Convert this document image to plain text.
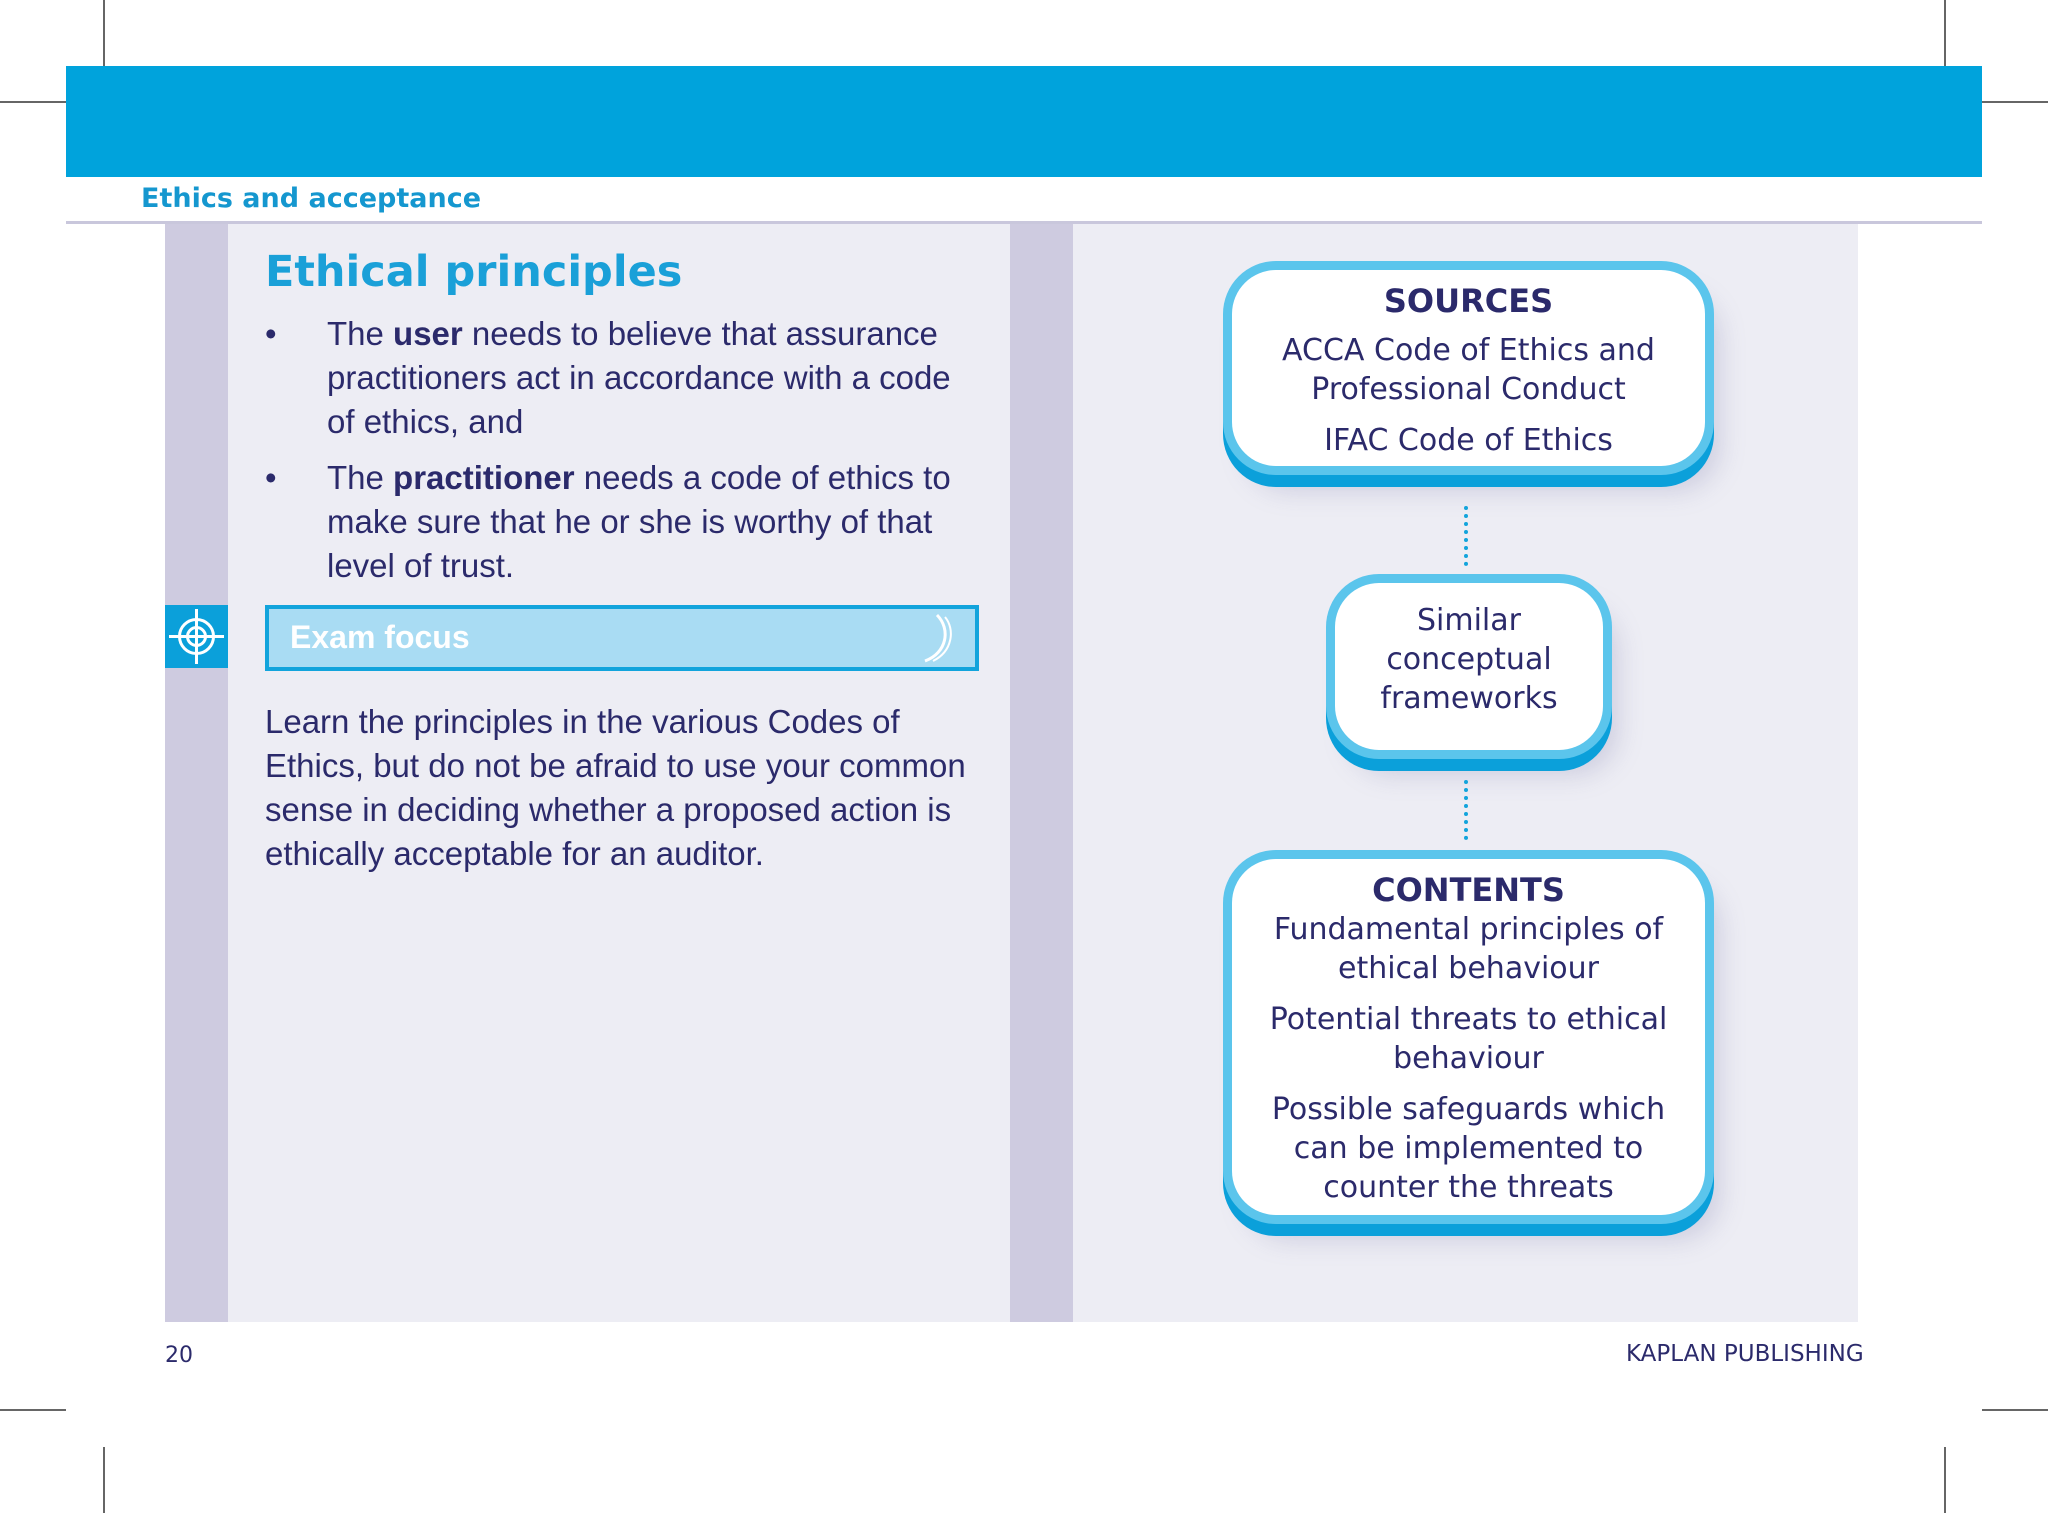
Ethics and acceptance
Ethical principles
• The user needs to believe that assurance practitioners act in accordance with a code of ethics, and
• The practitioner needs a code of ethics to make sure that he or she is worthy of that level of trust.
Exam focus
Learn the principles in the various Codes of Ethics, but do not be afraid to use your common sense in deciding whether a proposed action is ethically acceptable for an auditor.
SOURCES
ACCA Code of Ethics and Professional Conduct
IFAC Code of Ethics
Similar conceptual frameworks
CONTENTS
Fundamental principles of ethical behaviour
Potential threats to ethical behaviour
Possible safeguards which can be implemented to counter the threats
20	KAPLAN PUBLISHING
